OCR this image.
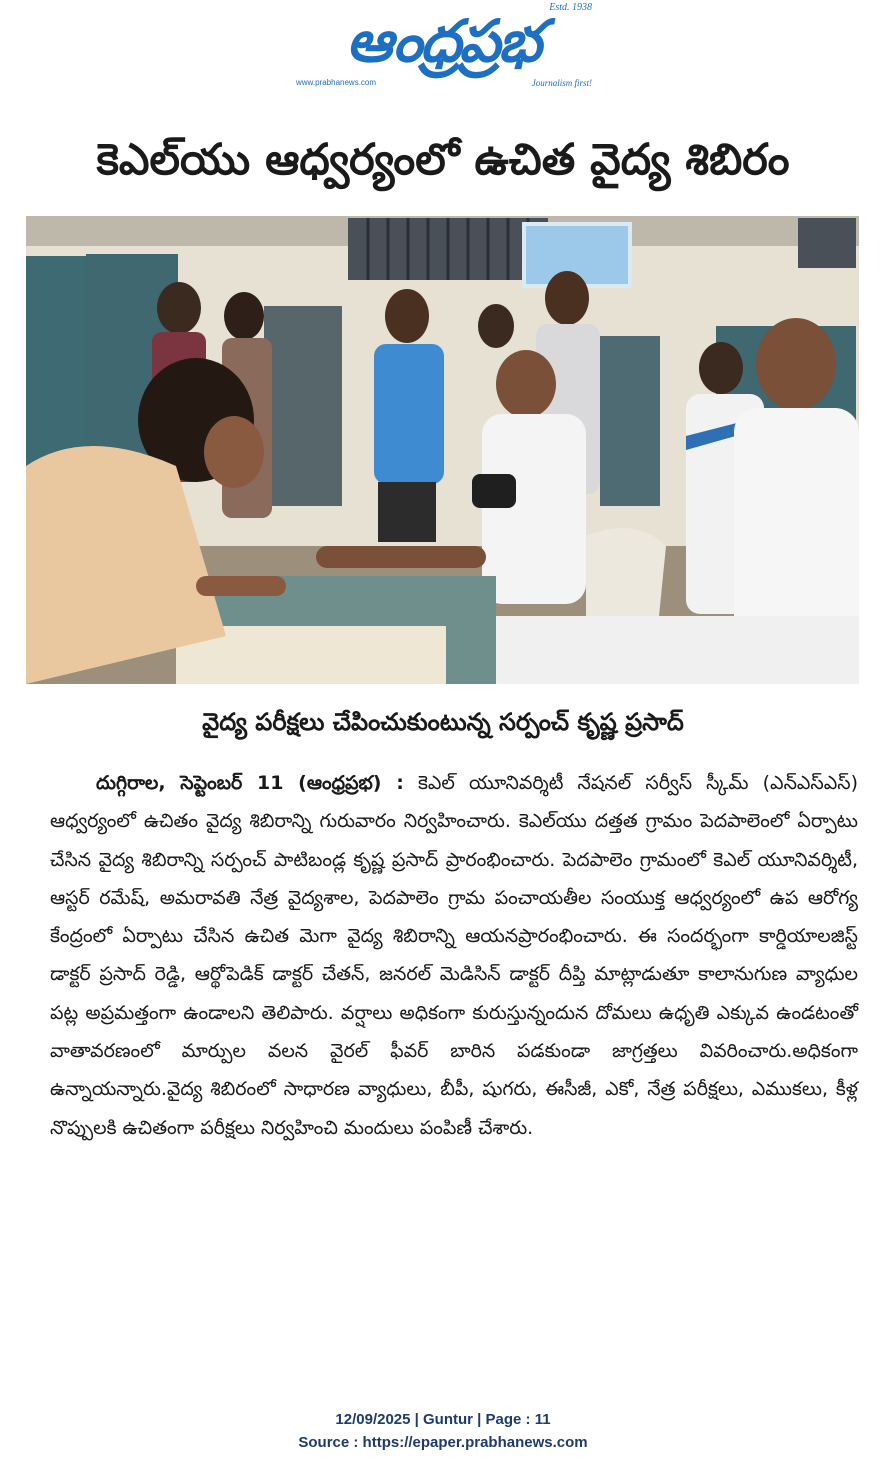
Estd. 1938
ఆంధ్రప్రభ
www.prabhanews.com	Journalism first!
కెఎల్‌యు ఆధ్వర్యంలో ఉచిత వైద్య శిబిరం
వైద్య పరీక్షలు చేపించుకుంటున్న సర్పంచ్ కృష్ణ ప్రసాద్

దుగ్గిరాల, సెప్టెంబర్ 11 (ఆంధ్రప్రభ) : కెఎల్ యూనివర్శిటీ నేషనల్ సర్వీస్ స్కీమ్ (ఎన్ఎస్ఎస్) ఆధ్వర్యంలో ఉచితం వైద్య శిబిరాన్ని గురువారం నిర్వహించారు. కెఎల్‌యు దత్తత గ్రామం పెదపాలెంలో ఏర్పాటు చేసిన వైద్య శిబిరాన్ని సర్పంచ్ పాటిబండ్ల కృష్ణ ప్రసాద్ ప్రారంభించారు. పెదపాలెం గ్రామంలో కెఎల్ యూనివర్శిటీ, ఆస్టర్ రమేష్, అమరావతి నేత్ర వైద్యశాల, పెదపాలెం గ్రామ పంచాయతీల సంయుక్త ఆధ్వర్యంలో ఉప ఆరోగ్య కేంద్రంలో ఏర్పాటు చేసిన ఉచిత మెగా వైద్య శిబిరాన్ని ఆయనప్రారంభించారు. ఈ సందర్భంగా కార్డియాలజిస్ట్ డాక్టర్ ప్రసాద్ రెడ్డి, ఆర్థోపెడిక్ డాక్టర్ చేతన్, జనరల్ మెడిసిన్ డాక్టర్ దీప్తి మాట్లాడుతూ కాలానుగుణ వ్యాధుల పట్ల అప్రమత్తంగా ఉండాలని తెలిపారు. వర్షాలు అధికంగా కురుస్తున్నందున దోమలు ఉధృతి ఎక్కువ ఉండటంతో వాతావరణంలో మార్పుల వలన వైరల్ ఫీవర్ బారిన పడకుండా జాగ్రత్తలు వివరించారు.అధికంగా ఉన్నాయన్నారు.వైద్య శిబిరంలో సాధారణ వ్యాధులు, బీపీ, షుగరు, ఈసీజీ, ఎకో, నేత్ర పరీక్షలు, ఎముకలు, కీళ్ల నొప్పులకి ఉచితంగా పరీక్షలు నిర్వహించి మందులు పంపిణీ చేశారు.

12/09/2025 | Guntur | Page : 11
Source : https://epaper.prabhanews.com
